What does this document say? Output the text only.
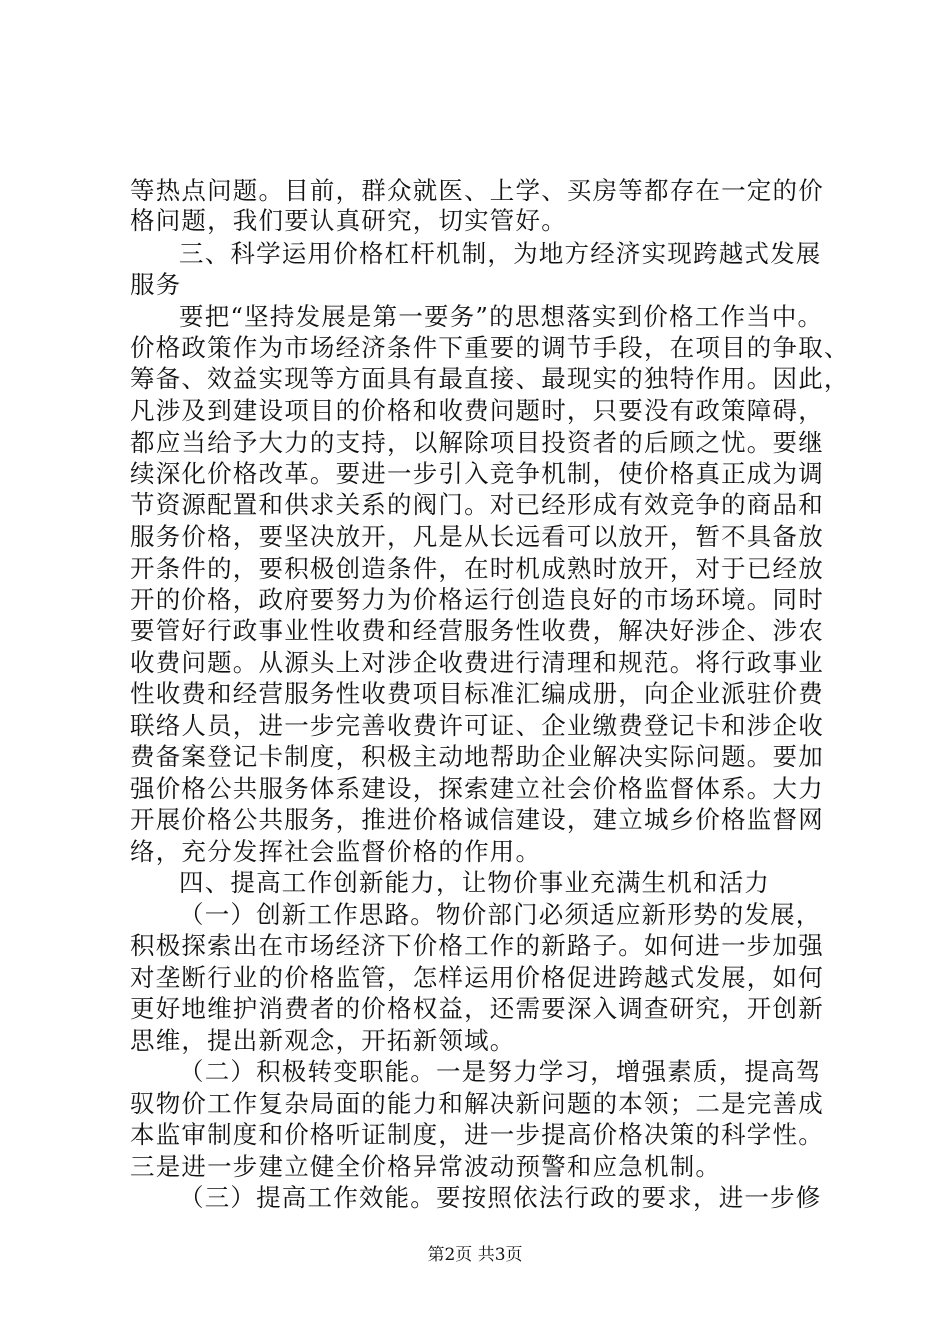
等热点问题。目前，群众就医、上学、买房等都存在一定的价
格问题，我们要认真研究，切实管好。
三、科学运用价格杠杆机制，为地方经济实现跨越式发展
服务
要把“坚持发展是第一要务”的思想落实到价格工作当中。
价格政策作为市场经济条件下重要的调节手段，在项目的争取、
筹备、效益实现等方面具有最直接、最现实的独特作用。因此，
凡涉及到建设项目的价格和收费问题时，只要没有政策障碍，
都应当给予大力的支持，以解除项目投资者的后顾之忧。要继
续深化价格改革。要进一步引入竞争机制，使价格真正成为调
节资源配置和供求关系的阀门。对已经形成有效竞争的商品和
服务价格，要坚决放开，凡是从长远看可以放开，暂不具备放
开条件的，要积极创造条件，在时机成熟时放开，对于已经放
开的价格，政府要努力为价格运行创造良好的市场环境。同时
要管好行政事业性收费和经营服务性收费，解决好涉企、涉农
收费问题。从源头上对涉企收费进行清理和规范。将行政事业
性收费和经营服务性收费项目标准汇编成册，向企业派驻价费
联络人员，进一步完善收费许可证、企业缴费登记卡和涉企收
费备案登记卡制度，积极主动地帮助企业解决实际问题。要加
强价格公共服务体系建设，探索建立社会价格监督体系。大力
开展价格公共服务，推进价格诚信建设，建立城乡价格监督网
络，充分发挥社会监督价格的作用。
四、提高工作创新能力，让物价事业充满生机和活力
（一）创新工作思路。物价部门必须适应新形势的发展，
积极探索出在市场经济下价格工作的新路子。如何进一步加强
对垄断行业的价格监管，怎样运用价格促进跨越式发展，如何
更好地维护消费者的价格权益，还需要深入调查研究，开创新
思维，提出新观念，开拓新领域。
（二）积极转变职能。一是努力学习，增强素质，提高驾
驭物价工作复杂局面的能力和解决新问题的本领；二是完善成
本监审制度和价格听证制度，进一步提高价格决策的科学性。
三是进一步建立健全价格异常波动预警和应急机制。
（三）提高工作效能。要按照依法行政的要求，进一步修
第2页 共3页
